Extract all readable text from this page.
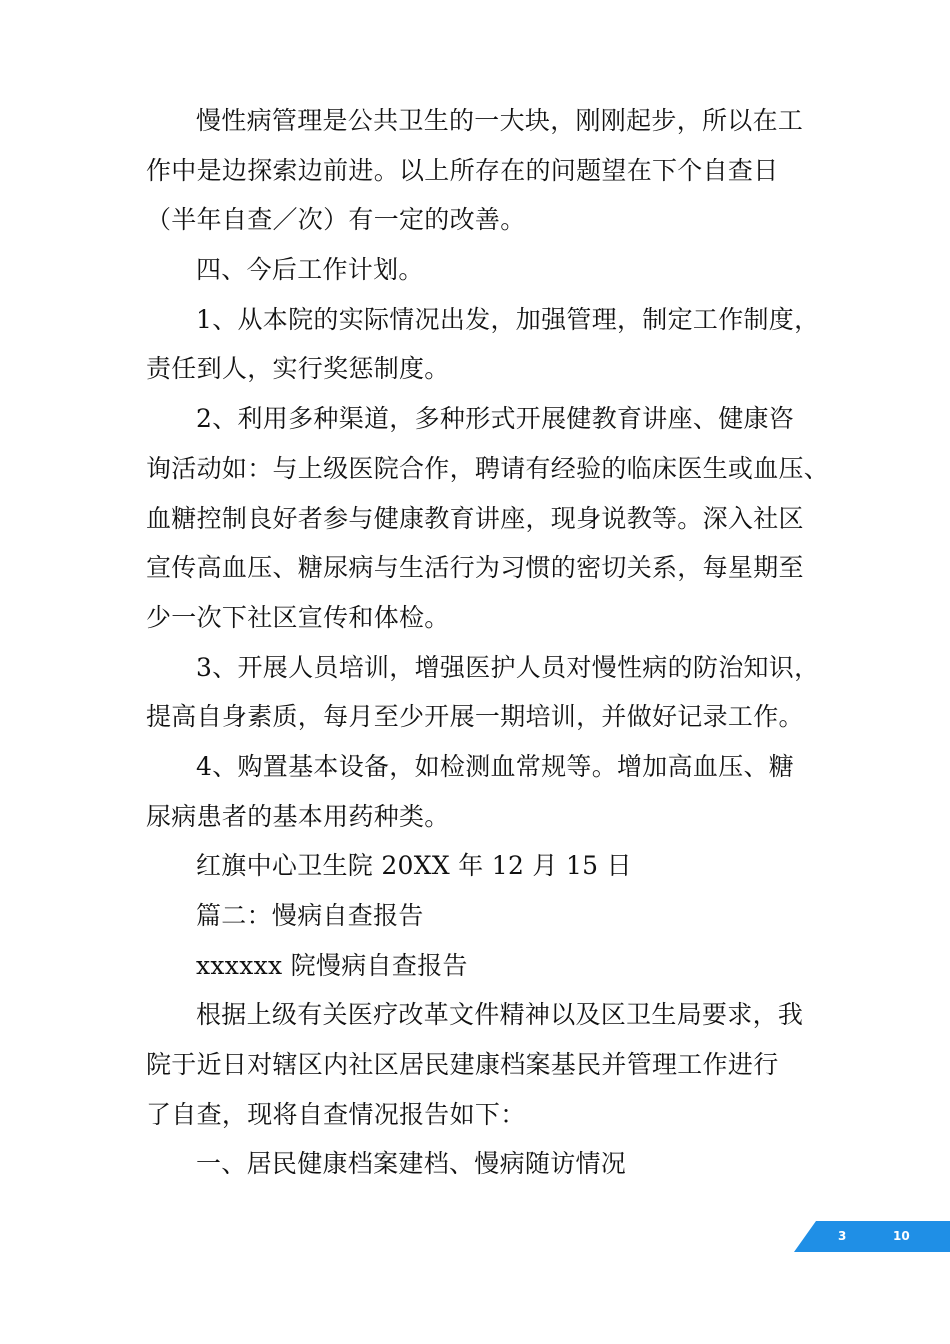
慢性病管理是公共卫生的一大块，刚刚起步，所以在工
作中是边探索边前进。以上所存在的问题望在下个自查日
（半年自查／次）有一定的改善。
四、今后工作计划。
1、从本院的实际情况出发，加强管理，制定工作制度，
责任到人，实行奖惩制度。
2、利用多种渠道，多种形式开展健教育讲座、健康咨
询活动如：与上级医院合作，聘请有经验的临床医生或血压、
血糖控制良好者参与健康教育讲座，现身说教等。深入社区
宣传高血压、糖尿病与生活行为习惯的密切关系，每星期至
少一次下社区宣传和体检。
3、开展人员培训，增强医护人员对慢性病的防治知识，
提高自身素质，每月至少开展一期培训，并做好记录工作。
4、购置基本设备，如检测血常规等。增加高血压、糖
尿病患者的基本用药种类。
红旗中心卫生院 20XX 年 12 月 15 日
篇二：慢病自查报告
xxxxxx 院慢病自查报告
根据上级有关医疗改革文件精神以及区卫生局要求，我
院于近日对辖区内社区居民建康档案基民并管理工作进行
了自查，现将自查情况报告如下：
一、居民健康档案建档、慢病随访情况
3	10
